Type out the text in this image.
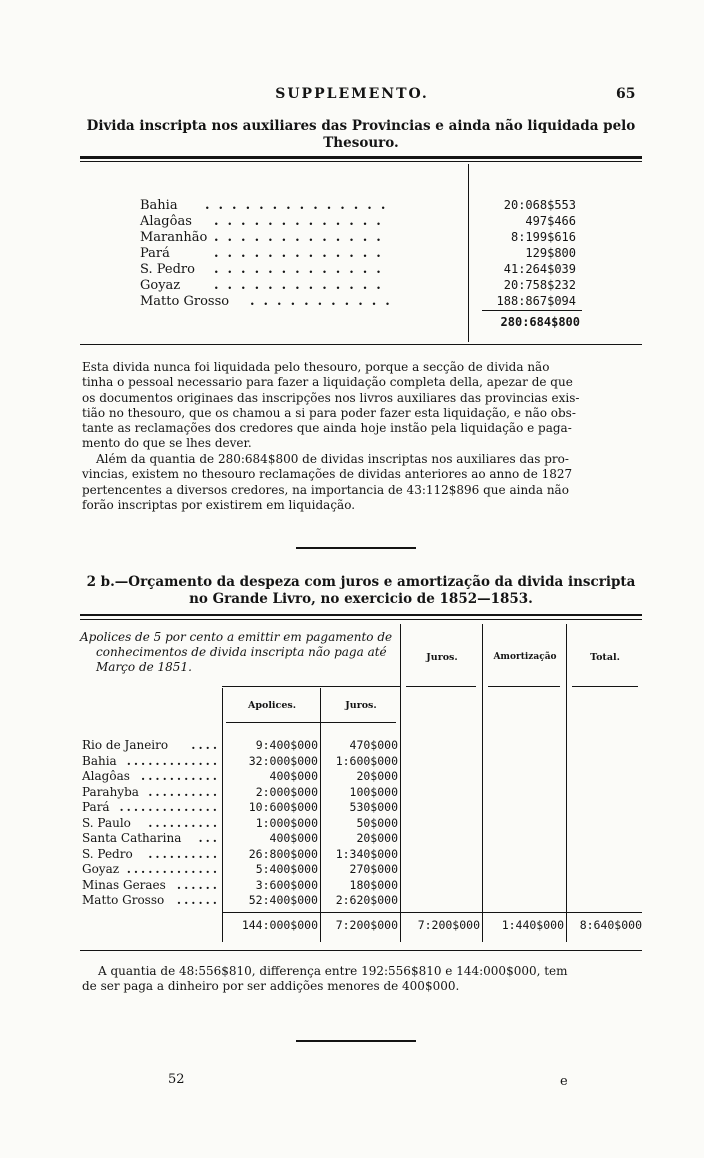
SUPPLEMENTO.	65
Divida inscripta nos auxiliares das Provincias e ainda não liquidada pelo
Thesouro.

Bahia ..............	20:068$553
Alagôas .............	497$466
Maranhão .............	8:199$616
Pará	.............	129$800
S. Pedro .............	41:264$039
Goyaz	.............	20:758$232
Matto Grosso ...........	188:867$094
280:684$800
Esta divida nunca foi liquidada pelo thesouro, porque a secção de divida não
tinha o pessoal necessario para fazer a liquidação completa della, apezar de que
os documentos originaes das inscripções nos livros auxiliares das provincias exis-
tião no thesouro, que os chamou a si para poder fazer esta liquidação, e não obs-
tante as reclamações dos credores que ainda hoje instão pela liquidação e paga-
mento do que se lhes dever.
Além da quantia de 280:684$800 de dividas inscriptas nos auxiliares das pro-
vincias, existem no thesouro reclamações de dividas anteriores ao anno de 1827
pertencentes a diversos credores, na importancia de 43:112$896 que ainda não
forão inscriptas por existirem em liquidação.
2 b.—Orçamento da despeza com juros e amortização da divida inscripta
no Grande Livro, no exercicio de 1852—1853.
Apolices de 5 por cento a emittir em pagamento de
conhecimentos de divida inscripta não paga até
Março de 1851.
Juros.	Amortização	Total.
Apolices.	Juros.
Rio de Janeiro ....	9:400$000	470$000
Bahia .............	32:000$000	1:600$000
Alagôas ...........	400$000	20$000
Parahyba ..........	2:000$000	100$000
Pará ..............	10:600$000	530$000
S. Paulo ..........	1:000$000	50$000
Santa Catharina ...	400$000	20$000
S. Pedro ..........	26:800$000	1:340$000
Goyaz .............	5:400$000	270$000
Minas Geraes ......	3:600$000	180$000
Matto Grosso ......	52:400$000	2:620$000
144:000$000	7:200$000	7:200$000	1:440$000	8:640$000
A quantia de 48:556$810, differença entre 192:556$810 e 144:000$000, tem
de ser paga a dinheiro por ser addições menores de 400$000.
52	e
